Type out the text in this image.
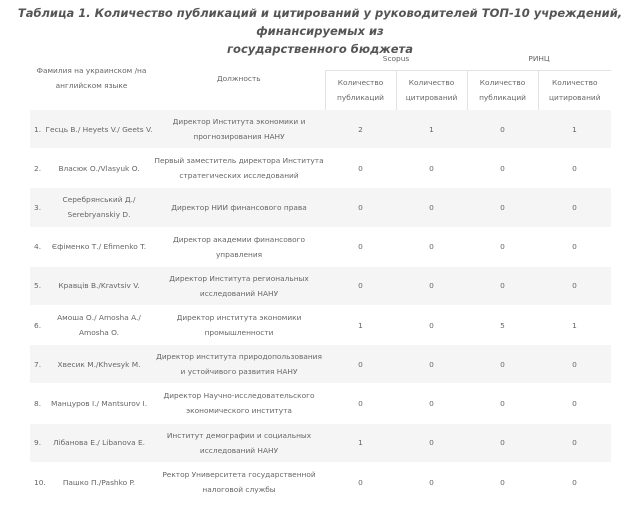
Таблица 1. Количество публикаций и цитирований у руководителей ТОП-10 учреждений, финансируемых из
государственного бюджета
Фамилия на украинском /на английском языке		Должность	Scopus		РИНЦ	
			Количество публикаций	Количество цитирований	Количество публикаций	Количество цитирований
1.	Гесць В./ Heyets V./ Geets V.	Директор Института экономики и прогнозирования НАНУ	2	1	0	1
2.	Власюк О./Vlasyuk O.	Первый заместитель директора Института стратегических исследований	0	0	0	0
3.	Серебрянський Д./ Serebryanskiy D.	Директор НИИ финансового права	0	0	0	0
4.	Єфіменко Т./ Efimenko T.	Директор академии финансового управления	0	0	0	0
5.	Кравців В./Kravtsiv V.	Директор Института региональных исследований НАНУ	0	0	0	0
6.	Амоша О./ Amosha A./ Amosha O.	Директор института экономики промышленности	1	0	5	1
7.	Хвесик М./Khvesyk M.	Директор института природопользования и устойчивого развития НАНУ	0	0	0	0
8.	Манцуров І./ Mantsurov I.	Директор Научно-исследовательского экономического института	0	0	0	0
9.	Лібанова Е./ Libanova E.	Институт демографии и социальных исследований НАНУ	1	0	0	0
10.	Пашко П./Pashko P.	Ректор Университета государственной налоговой службы	0	0	0	0
